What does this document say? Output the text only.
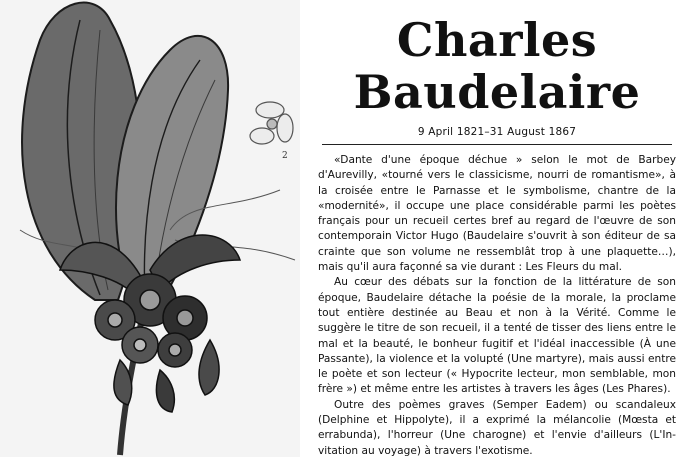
2
Charles
Baudelaire
9 April 1821–31 August 1867

«Dante d'une époque déchue » selon le mot de Barbey d'Aurevilly, «tourné vers le classicisme, nourri de romantisme», à la croisée entre le Parnasse et le symbolisme, chantre de la «modernité», il occupe une place considérable parmi les poètes français pour un recueil certes bref au regard de l'œuvre de son contemporain Victor Hugo (Baudelaire s'ouvrit à son éditeur de sa crainte que son volume ne ressemblât trop à une plaquette…), mais qu'il aura façonné sa vie durant : Les Fleurs du mal.

Au cœur des débats sur la fonction de la littérature de son époque, Baudelaire détache la poésie de la morale, la proclame tout entière destinée au Beau et non à la Vérité. Comme le suggère le titre de son recueil, il a tenté de tisser des liens entre le mal et la beauté, le bonheur fugitif et l'idéal inaccessible (À une Passante), la violence et la volupté (Une martyre), mais aussi entre le poète et son lecteur (« Hypocrite lecteur, mon semblable, mon frère ») et même entre les artistes à travers les âges (Les Phares).

Outre des poèmes graves (Semper Eadem) ou scandaleux (Delphine et Hippolyte), il a exprimé la mélancolie (Mœsta et errabunda), l'horreur (Une charogne) et l'envie d'ailleurs (L'Invitation au voyage) à travers l'exotisme.
